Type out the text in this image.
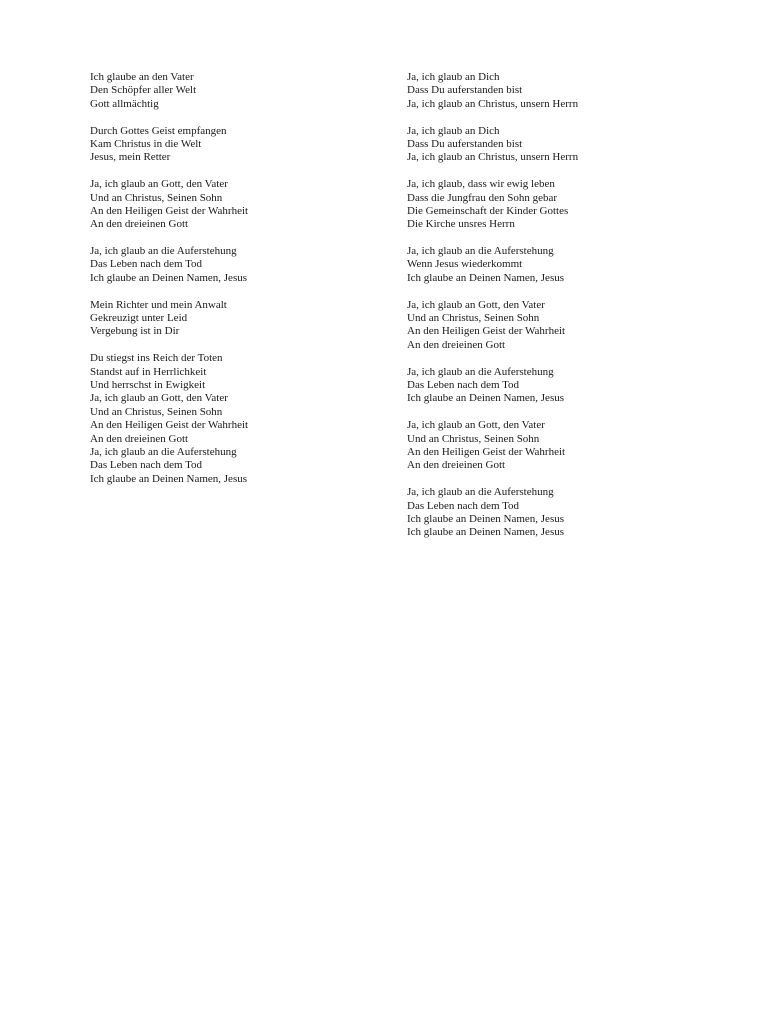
Ich glaube an den Vater
Den Schöpfer aller Welt
Gott allmächtig
Durch Gottes Geist empfangen
Kam Christus in die Welt
Jesus, mein Retter
Ja, ich glaub an Gott, den Vater
Und an Christus, Seinen Sohn
An den Heiligen Geist der Wahrheit
An den dreieinen Gott
Ja, ich glaub an die Auferstehung
Das Leben nach dem Tod
Ich glaube an Deinen Namen, Jesus
Mein Richter und mein Anwalt
Gekreuzigt unter Leid
Vergebung ist in Dir
Du stiegst ins Reich der Toten
Standst auf in Herrlichkeit
Und herrschst in Ewigkeit
Ja, ich glaub an Gott, den Vater
Und an Christus, Seinen Sohn
An den Heiligen Geist der Wahrheit
An den dreieinen Gott
Ja, ich glaub an die Auferstehung
Das Leben nach dem Tod
Ich glaube an Deinen Namen, Jesus
Ja, ich glaub an Dich
Dass Du auferstanden bist
Ja, ich glaub an Christus, unsern Herrn
Ja, ich glaub an Dich
Dass Du auferstanden bist
Ja, ich glaub an Christus, unsern Herrn
Ja, ich glaub, dass wir ewig leben
Dass die Jungfrau den Sohn gebar
Die Gemeinschaft der Kinder Gottes
Die Kirche unsres Herrn
Ja, ich glaub an die Auferstehung
Wenn Jesus wiederkommt
Ich glaube an Deinen Namen, Jesus
Ja, ich glaub an Gott, den Vater
Und an Christus, Seinen Sohn
An den Heiligen Geist der Wahrheit
An den dreieinen Gott
Ja, ich glaub an die Auferstehung
Das Leben nach dem Tod
Ich glaube an Deinen Namen, Jesus
Ja, ich glaub an Gott, den Vater
Und an Christus, Seinen Sohn
An den Heiligen Geist der Wahrheit
An den dreieinen Gott
Ja, ich glaub an die Auferstehung
Das Leben nach dem Tod
Ich glaube an Deinen Namen, Jesus
Ich glaube an Deinen Namen, Jesus
